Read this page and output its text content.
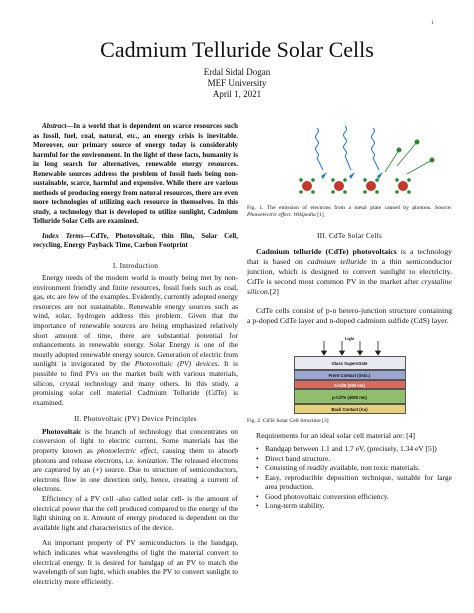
1
Cadmium Telluride Solar Cells
Erdal Sidal Dogan
MEF University
April 1, 2021

Abstract—In a world that is dependent on scarce resources such as fossil, fuel, coal, natural, etc., an energy crisis is inevitable. Moreover, our primary source of energy today is considerably harmful for the environment. In the light of these facts, humanity is in long search for alternatives, renewable energy resources. Renewable sources address the problem of fossil fuels being non-sustainable, scarce, harmful and expensive. While there are various methods of producing energy from natural resources, there are even more technologies of utilizing each resource in themselves. In this study, a technology that is developed to utilize sunlight, Cadmium Telluride Solar Cells are examined.

Index Terms—CdTe, Photovoltaic, thin film, Solar Cell, recycling, Energy Payback Time, Carbon Footprint

I. Introduction

Energy needs of the modern world is mostly being met by non-environment friendly and finite resources, fossil fuels such as coal, gas, etc are few of the examples. Evidently, currently adopted energy resources are not sustainable. Renewable energy sources such as wind, solar, hydrogen address this problem. Given that the importance of renewable sources are being emphasized relatively short amount of time, there are substantial potential for enhancements in renewable energy. Solar Energy is one of the mostly adopted renewable energy source. Generation of electric from sunlight is invigorated by the Photovoltaic (PV) devices. It is possible to find PVs on the market built with various materials, silicon, crystal technology and many others. In this study, a promising solar cell material Cadmium Telluride (CdTe) is examined.

II. Photovoltaic (PV) Device Principles

Photovoltaic is the branch of technology that concentrates on conversion of light to electric current. Some materials has the property known as photoelectric effect, causing them to absorb photons and release electrons, i.e. ionization. The released electrons are captured by an (+) source. Due to structure of semiconductors, electrons flow in one direction only, hence, creating a current of electrons.

Efficiency of a PV cell -also called solar cell- is the amount of electrical power that the cell produced compared to the energy of the light shining on it. Amount of energy produced is dependent on the available light and characteristics of the device.

An important property of PV semiconductors is the bandgap, which indicates what wavelengths of light the material convert to electrical energy. It is desired for bandgap of an PV to match the wavelength of sun light, which enables the PV to convert sunlight to electricity more efficiently.

Fig. 1. The emission of electrons from a metal plate caused by photons. Source: Photoelectric effect. Wikipedia [1]

III. CdTe Solar Cells

Cadmium telluride (CdTe) photovoltaics is a technology that is based on cadmium telluride in a thin semiconductor junction, which is designed to convert sunlight to electricity. CdTe is second most common PV in the market after crystaline silicon.[2]

CdTe cells consist of p-n hetero-junction structure containing a p-doped CdTe layer and n-doped cadmium sulfide (CdS) layer.

Light
Glass Superstrate
Front Contact (SnO₂)
n-CdS (100 nm)
p-CdTe (4000 nm)
Back Contact (Au)

Fig. 2. CdTe Solar Cell Structure [3]

Requirements for an ideal solar cell material are: [4]

• Bandgap between 1.1 and 1.7 eV, (precisely, 1.34 eV [5])
• Direct band structure.
• Consisting of readily available, non toxic materials.
• Easy, reproducible deposition technique, suitable for large area production.
• Good photovoltaic conversion efficiency.
• Long-term stability.
